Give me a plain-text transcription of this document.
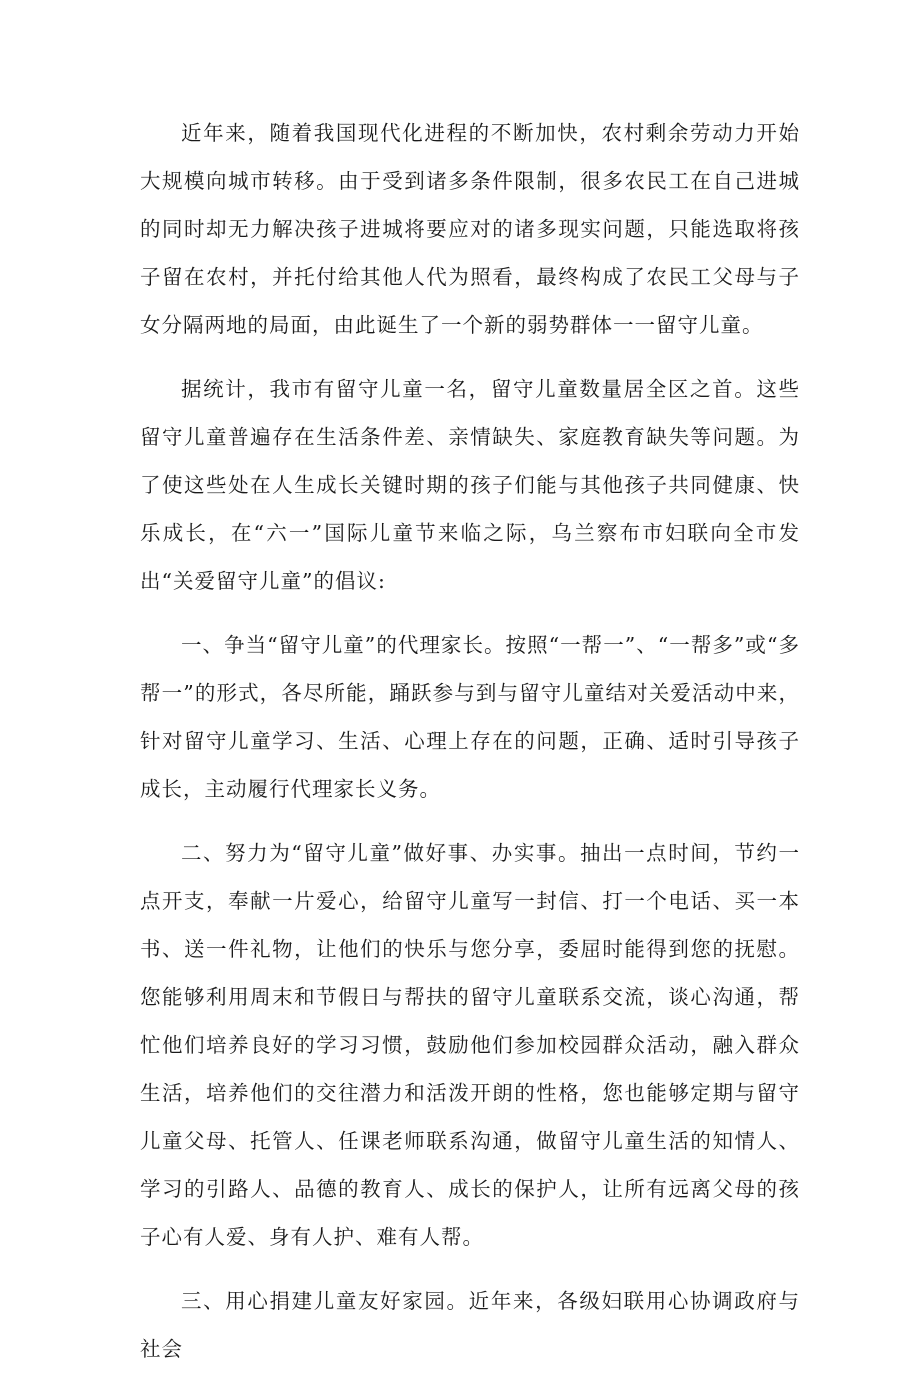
近年来，随着我国现代化进程的不断加快，农村剩余劳动力开始大规模向城市转移。由于受到诸多条件限制，很多农民工在自己进城的同时却无力解决孩子进城将要应对的诸多现实问题，只能选取将孩子留在农村，并托付给其他人代为照看，最终构成了农民工父母与子女分隔两地的局面，由此诞生了一个新的弱势群体一一留守儿童。

据统计，我市有留守儿童一名，留守儿童数量居全区之首。这些留守儿童普遍存在生活条件差、亲情缺失、家庭教育缺失等问题。为了使这些处在人生成长关键时期的孩子们能与其他孩子共同健康、快乐成长，在“六一”国际儿童节来临之际，乌兰察布市妇联向全市发出“关爱留守儿童”的倡议:

一、争当“留守儿童”的代理家长。按照“一帮一”、“一帮多”或“多帮一”的形式，各尽所能，踊跃参与到与留守儿童结对关爱活动中来，针对留守儿童学习、生活、心理上存在的问题，正确、适时引导孩子成长，主动履行代理家长义务。

二、努力为“留守儿童”做好事、办实事。抽出一点时间，节约一点开支，奉献一片爱心，给留守儿童写一封信、打一个电话、买一本书、送一件礼物，让他们的快乐与您分享，委屈时能得到您的抚慰。您能够利用周末和节假日与帮扶的留守儿童联系交流，谈心沟通，帮忙他们培养良好的学习习惯，鼓励他们参加校园群众活动，融入群众生活，培养他们的交往潜力和活泼开朗的性格，您也能够定期与留守儿童父母、托管人、任课老师联系沟通，做留守儿童生活的知情人、学习的引路人、品德的教育人、成长的保护人，让所有远离父母的孩子心有人爱、身有人护、难有人帮。

三、用心捐建儿童友好家园。近年来，各级妇联用心协调政府与社会
